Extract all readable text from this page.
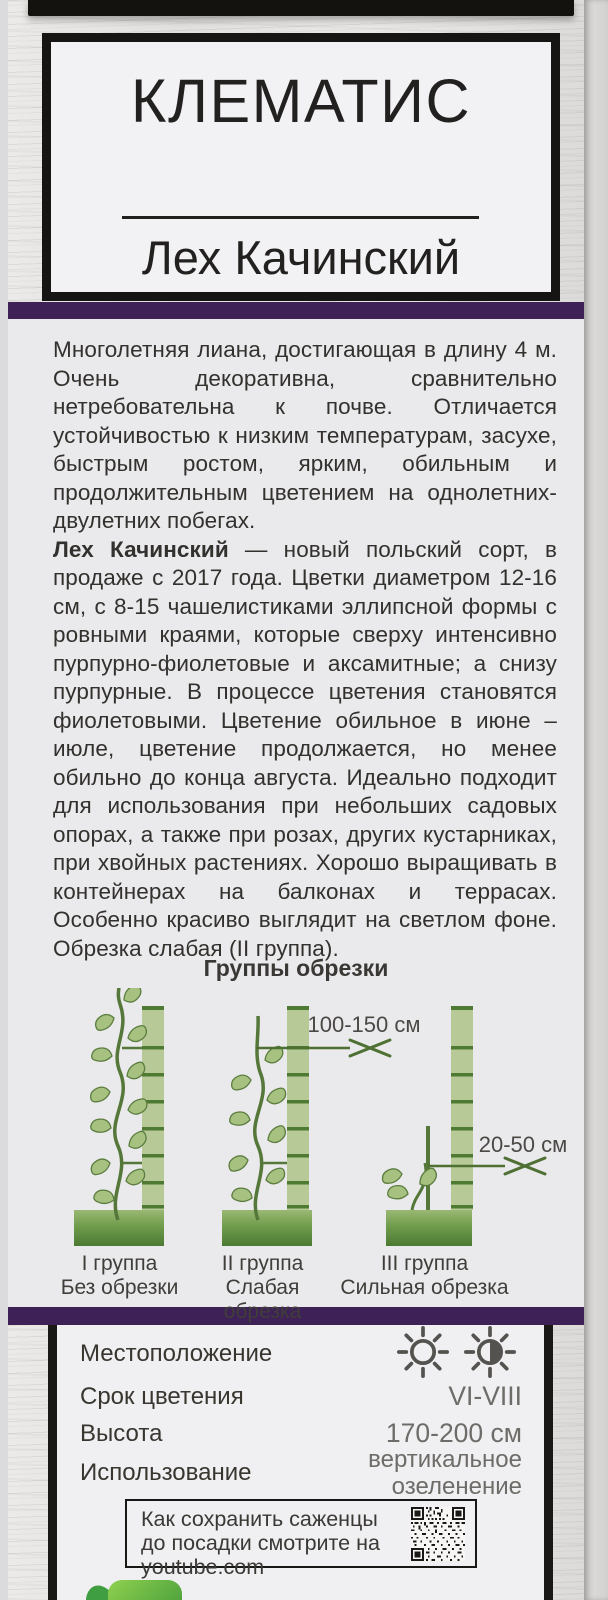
КЛЕМАТИС
Лех Качинский

Многолетняя лиана, достигающая в длину 4 м. Очень декоративна, сравнительно нетребовательна к почве. Отличается устойчивостью к низким температурам, засухе, быстрым ростом, ярким, обильным и продолжительным цветением на однолетних-двулетних побегах.

Лех Качинский — новый польский сорт, в продаже с 2017 года. Цветки диаметром 12-16 см, с 8-15 чашелистиками эллипсной формы с ровными краями, которые сверху интенсивно пурпурно-фиолетовые и аксамитные; а снизу пурпурные. В процессе цветения становятся фиолетовыми. Цветение обильное в июне – июле, цветение продолжается, но менее обильно до конца августа. Идеально подходит для использования при небольших садовых опорах, а также при розах, других кустарниках, при хвойных растениях. Хорошо выращивать в контейнерах на балконах и террасах. Особенно красиво выглядит на светлом фоне. Обрезка слабая (II группа).

Группы обрезки
100-150 см
20-50 см
I группа
Без обрезки
II группа
Слабая обрезка
III группа
Сильная обрезка
Местоположение
Срок цветения	VI-VIII
Высота	170-200 см
Использование	вертикальное озеленение
Как сохранить саженцы
до посадки смотрите на
youtube.com
